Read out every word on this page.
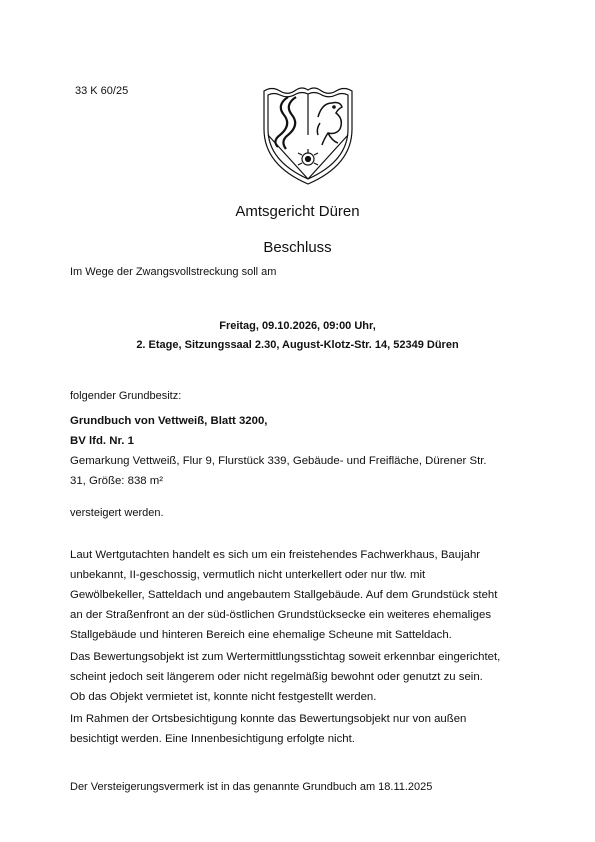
33 K 60/25
Amtsgericht Düren
Beschluss
Im Wege der Zwangsvollstreckung soll am
Freitag, 09.10.2026, 09:00 Uhr,
2. Etage, Sitzungssaal 2.30, August-Klotz-Str. 14, 52349 Düren
folgender Grundbesitz:
Grundbuch von Vettweiß, Blatt 3200,
BV lfd. Nr. 1
Gemarkung Vettweiß, Flur 9, Flurstück 339, Gebäude- und Freifläche, Dürener Str.
31, Größe: 838 m²
versteigert werden.
Laut Wertgutachten handelt es sich um ein freistehendes Fachwerkhaus, Baujahr
unbekannt, II-geschossig, vermutlich nicht unterkellert oder nur tlw. mit
Gewölbekeller, Satteldach und angebautem Stallgebäude. Auf dem Grundstück steht
an der Straßenfront an der süd-östlichen Grundstücksecke ein weiteres ehemaliges
Stallgebäude und hinteren Bereich eine ehemalige Scheune mit Satteldach.
Das Bewertungsobjekt ist zum Wertermittlungsstichtag soweit erkennbar eingerichtet,
scheint jedoch seit längerem oder nicht regelmäßig bewohnt oder genutzt zu sein.
Ob das Objekt vermietet ist, konnte nicht festgestellt werden.
Im Rahmen der Ortsbesichtigung konnte das Bewertungsobjekt nur von außen
besichtigt werden. Eine Innenbesichtigung erfolgte nicht.
Der Versteigerungsvermerk ist in das genannte Grundbuch am 18.11.2025
